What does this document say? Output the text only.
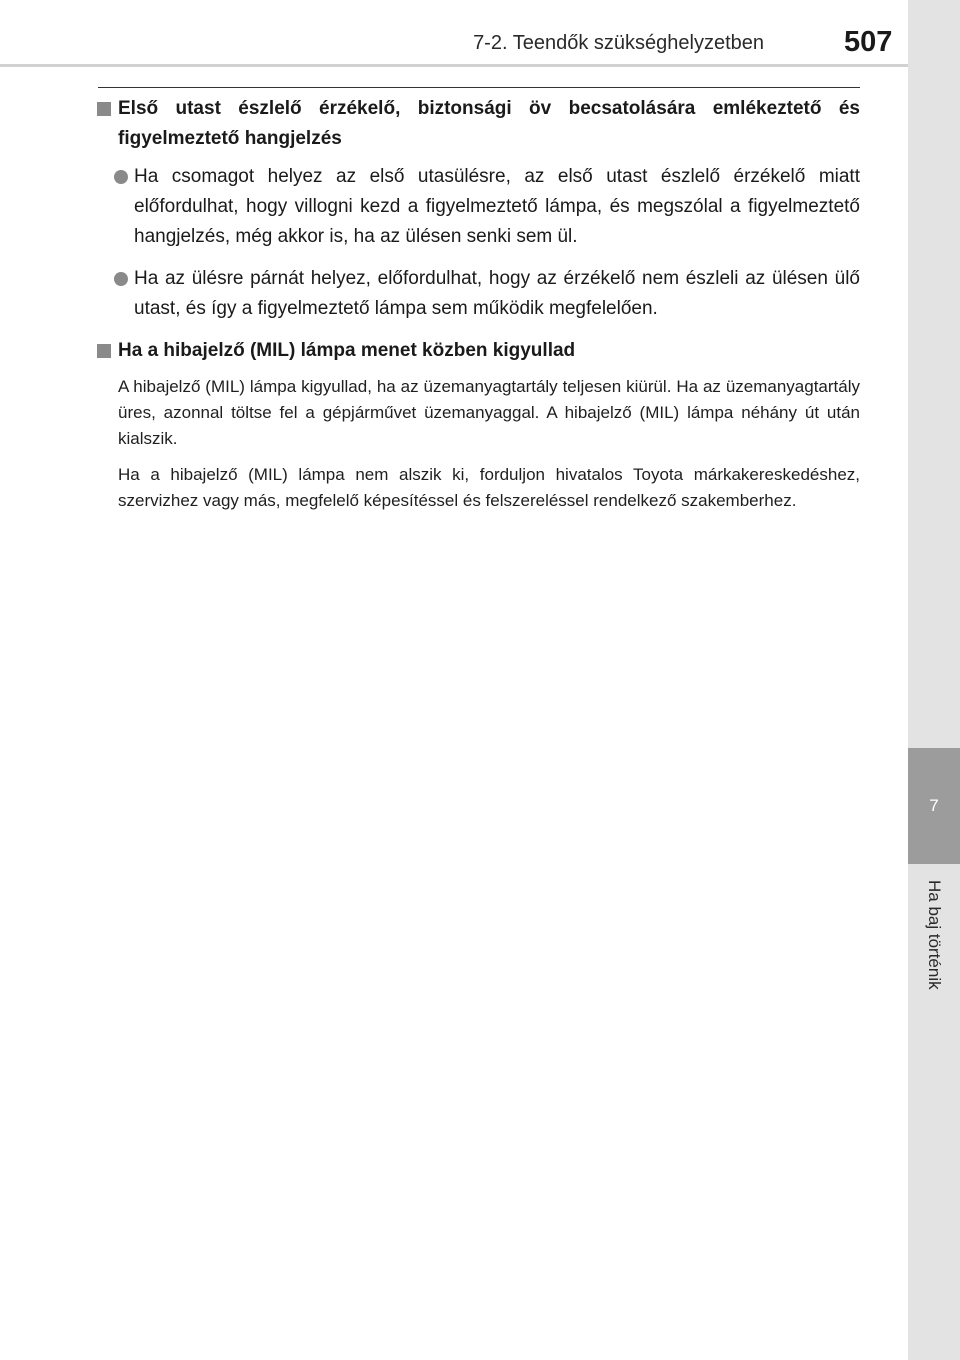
7
Ha baj történik
7-2. Teendők szükséghelyzetben	507
Első utast észlelő érzékelő, biztonsági öv becsatolására emlékeztető és figyelmeztető hangjelzés
Ha csomagot helyez az első utasülésre, az első utast észlelő érzékelő miatt előfordulhat, hogy villogni kezd a figyelmeztető lámpa, és megszólal a figyelmeztető hangjelzés, még akkor is, ha az ülésen senki sem ül.
Ha az ülésre párnát helyez, előfordulhat, hogy az érzékelő nem észleli az ülésen ülő utast, és így a figyelmeztető lámpa sem működik megfelelően.
Ha a hibajelző (MIL) lámpa menet közben kigyullad
A hibajelző (MIL) lámpa kigyullad, ha az üzemanyagtartály teljesen kiürül. Ha az üzemanyagtartály üres, azonnal töltse fel a gépjárművet üzemanyaggal. A hibajelző (MIL) lámpa néhány út után kialszik.
Ha a hibajelző (MIL) lámpa nem alszik ki, forduljon hivatalos Toyota márkakereskedéshez, szervizhez vagy más, megfelelő képesítéssel és felszereléssel rendelkező szakemberhez.
